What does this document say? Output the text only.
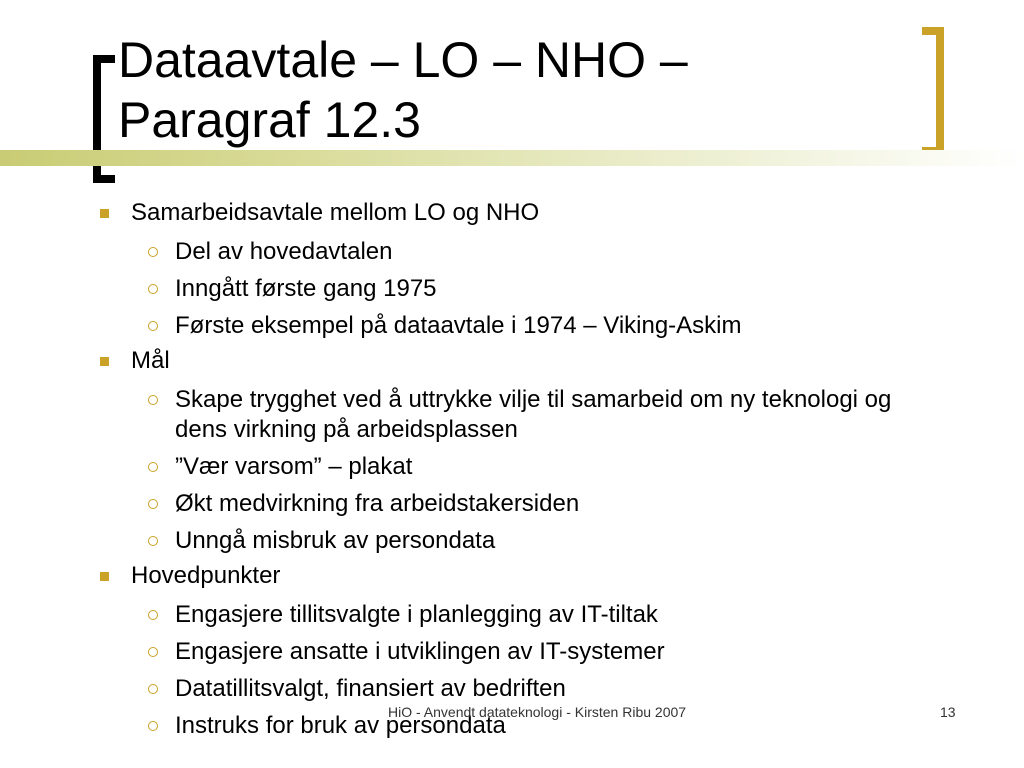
Dataavtale – LO – NHO –
Paragraf 12.3
Samarbeidsavtale mellom LO og NHO
Del av hovedavtalen
Inngått første gang 1975
Første eksempel på dataavtale i 1974 – Viking-Askim
Mål
Skape trygghet ved å uttrykke vilje til samarbeid om ny teknologi og dens virkning på arbeidsplassen
”Vær varsom” – plakat
Økt medvirkning fra arbeidstakersiden
Unngå misbruk av persondata
Hovedpunkter
Engasjere tillitsvalgte i planlegging av IT-tiltak
Engasjere ansatte i utviklingen av IT-systemer
Datatillitsvalgt, finansiert av bedriften
Instruks for bruk av persondata
HiO - Anvendt datateknologi - Kirsten Ribu 2007	13
